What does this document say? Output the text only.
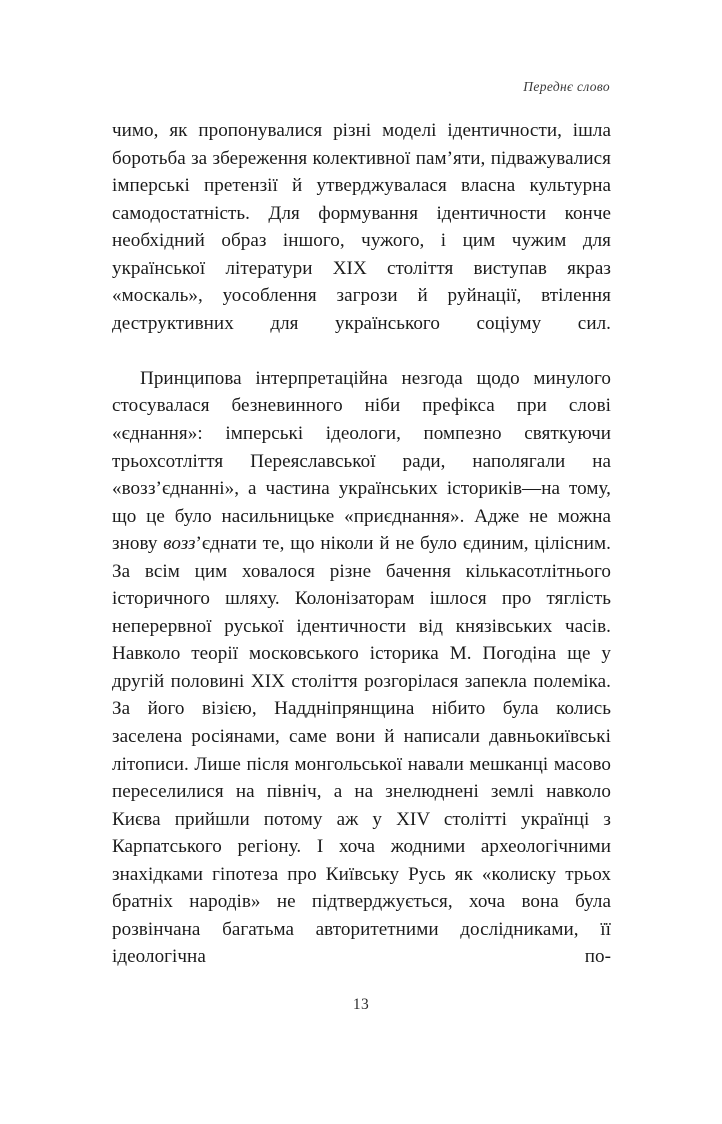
Переднє слово

чимо, як пропонувалися різні моделі ідентичности, ішла боротьба за збереження колективної пам’яти, підважувалися імперські претензії й утверджувалася власна культурна самодостатність. Для формування ідентичности конче необхідний образ іншого, чужого, і цим чужим для української літератури XIX століття виступав якраз «москаль», уособлення загрози й руйнації, втілення деструктивних для українського соціуму сил.

Принципова інтерпретаційна незгода щодо минулого стосувалася безневинного ніби префікса при слові «єднання»: імперські ідеологи, помпезно святкуючи трьохсотліття Переяславської ради, наполягали на «возз’єднанні», а частина українських істориків—на тому, що це було насильницьке «приєднання». Адже не можна знову возз’єднати те, що ніколи й не було єдиним, цілісним. За всім цим ховалося різне бачення кількасотлітнього історичного шляху. Колонізаторам ішлося про тяглість неперервної руської ідентичности від князівських часів. Навколо теорії московського історика М. Погодіна ще у другій половині XIX століття розгорілася запекла полеміка. За його візією, Наддніпрянщина нібито була колись заселена росіянами, саме вони й написали давньокиївські літописи. Лише після монгольської навали мешканці масово переселилися на північ, а на знелюднені землі навколо Києва прийшли потому аж у XIV столітті українці з Карпатського регіону. І хоча жодними археологічними знахідками гіпотеза про Київську Русь як «колиску трьох братніх народів» не підтверджується, хоча вона була розвінчана багатьма авторитетними дослідниками, її ідеологічна по-

13
